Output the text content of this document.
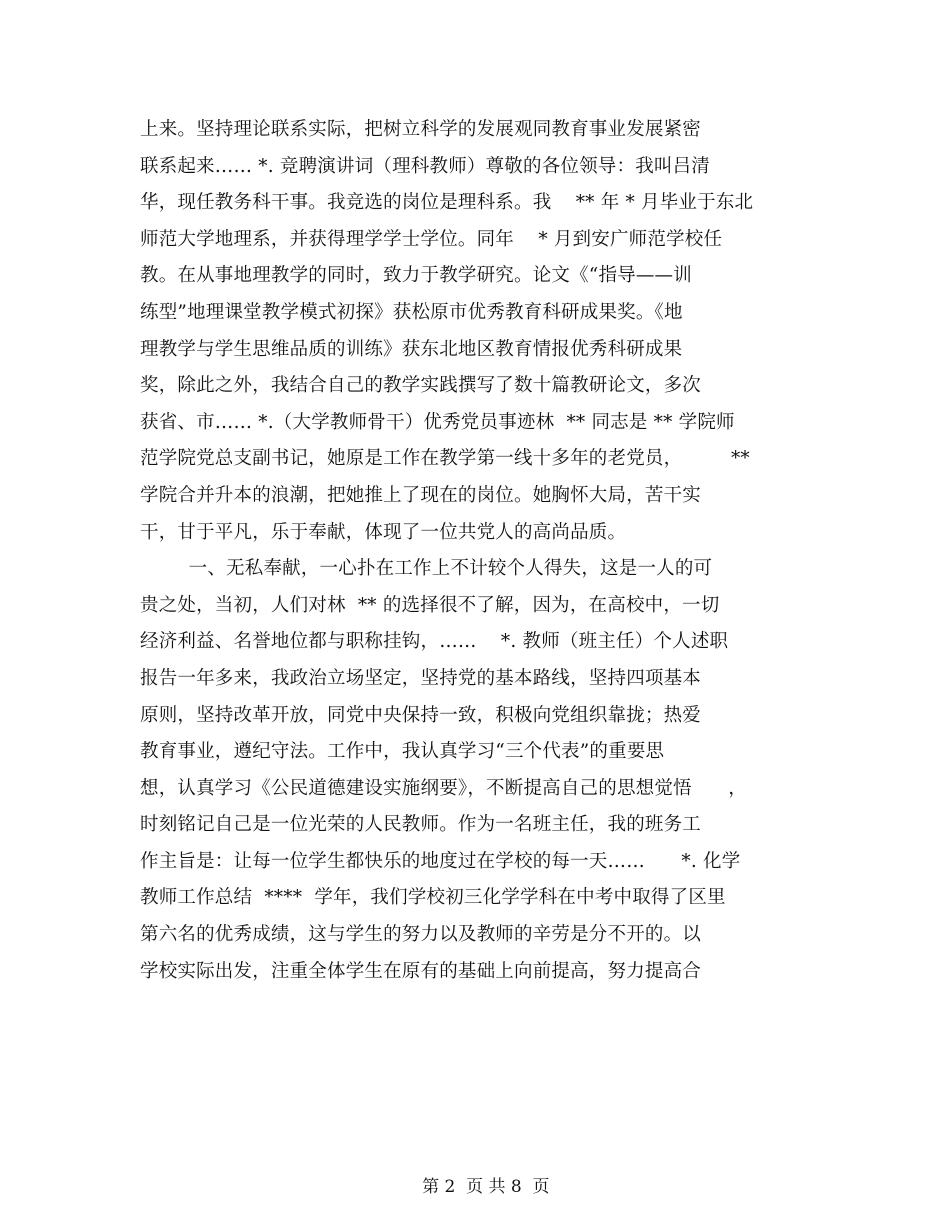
上来。坚持理论联系实际，把树立科学的发展观同教育事业发展紧密
联系起来…… *. 竞聘演讲词（理科教师）尊敬的各位领导：我叫吕清
华，现任教务科干事。我竞选的岗位是理科系。我    ** 年 * 月毕业于东北
师范大学地理系，并获得理学学士学位。同年    * 月到安广师范学校任
教。在从事地理教学的同时，致力于教学研究。论文《“指导——训
练型”地理课堂教学模式初探》获松原市优秀教育科研成果奖。《地
理教学与学生思维品质的训练》获东北地区教育情报优秀科研成果
奖，除此之外，我结合自己的教学实践撰写了数十篇教研论文，多次
获省、市…… *.（大学教师骨干）优秀党员事迹林  ** 同志是 ** 学院师
范学院党总支副书记，她原是工作在教学第一线十多年的老党员，        **
学院合并升本的浪潮，把她推上了现在的岗位。她胸怀大局，苦干实
干，甘于平凡，乐于奉献，体现了一位共党人的高尚品质。
一、无私奉献，一心扑在工作上不计较个人得失，这是一人的可
贵之处，当初，人们对林  ** 的选择很不了解，因为，在高校中，一切
经济利益、名誉地位都与职称挂钩，……    *. 教师（班主任）个人述职
报告一年多来，我政治立场坚定，坚持党的基本路线，坚持四项基本
原则，坚持改革开放，同党中央保持一致，积极向党组织靠拢；热爱
教育事业，遵纪守法。工作中，我认真学习“三个代表”的重要思
想，认真学习《公民道德建设实施纲要》，不断提高自己的思想觉悟      ，
时刻铭记自己是一位光荣的人民教师。作为一名班主任，我的班务工
作主旨是：让每一位学生都快乐的地度过在学校的每一天……      *. 化学
教师工作总结  ****  学年，我们学校初三化学学科在中考中取得了区里
第六名的优秀成绩，这与学生的努力以及教师的辛劳是分不开的。以
学校实际出发，注重全体学生在原有的基础上向前提高，努力提高合

第 2  页 共 8  页
